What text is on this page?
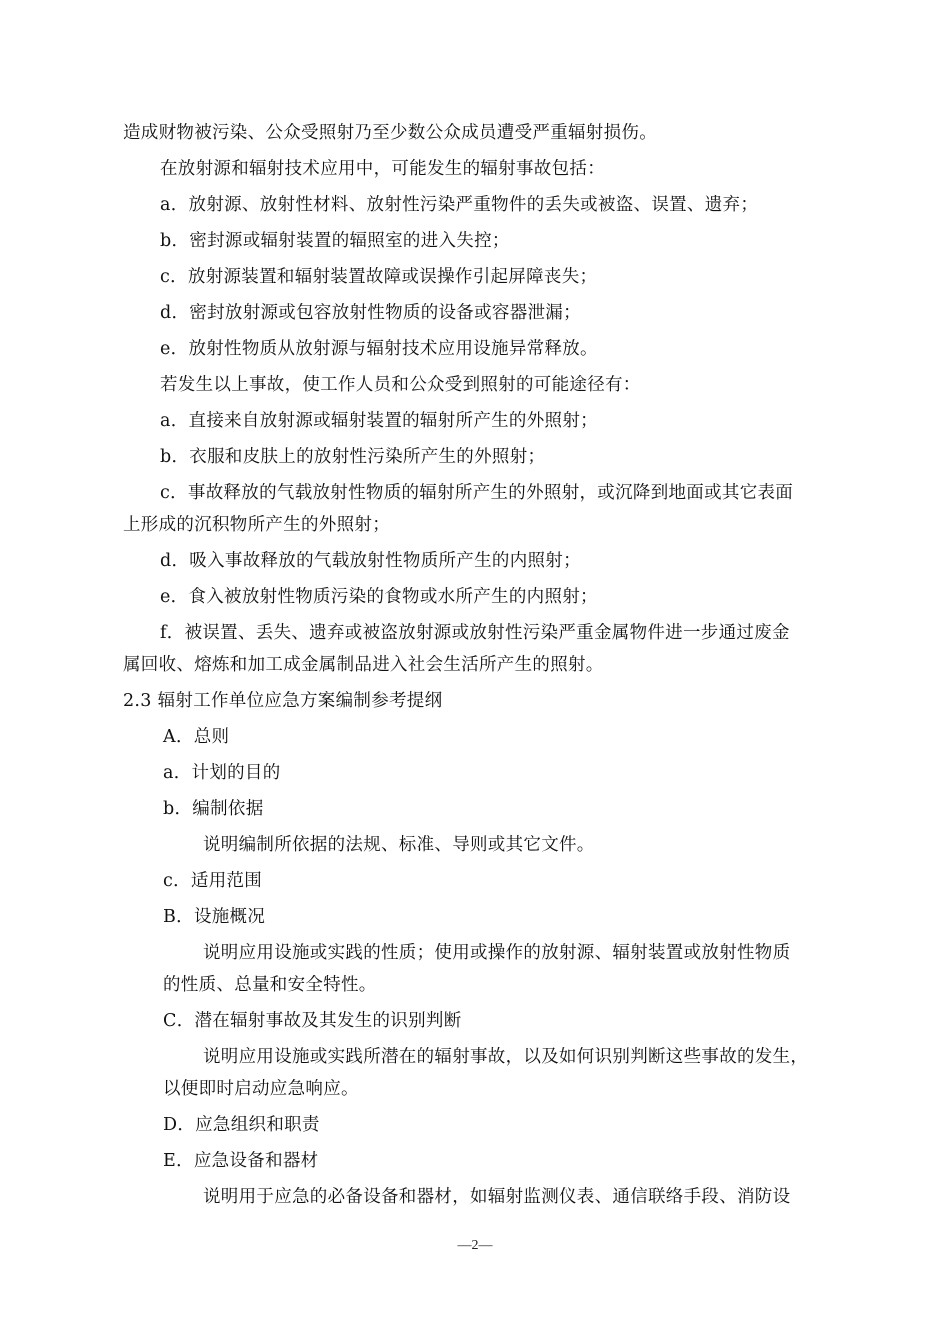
造成财物被污染、公众受照射乃至少数公众成员遭受严重辐射损伤。
在放射源和辐射技术应用中，可能发生的辐射事故包括：
a．放射源、放射性材料、放射性污染严重物件的丢失或被盗、误置、遗弃；
b．密封源或辐射装置的辐照室的进入失控；
c．放射源装置和辐射装置故障或误操作引起屏障丧失；
d．密封放射源或包容放射性物质的设备或容器泄漏；
e．放射性物质从放射源与辐射技术应用设施异常释放。
若发生以上事故，使工作人员和公众受到照射的可能途径有：
a．直接来自放射源或辐射装置的辐射所产生的外照射；
b．衣服和皮肤上的放射性污染所产生的外照射；
c．事故释放的气载放射性物质的辐射所产生的外照射，或沉降到地面或其它表面
上形成的沉积物所产生的外照射；
d．吸入事故释放的气载放射性物质所产生的内照射；
e．食入被放射性物质污染的食物或水所产生的内照射；
f．被误置、丢失、遗弃或被盗放射源或放射性污染严重金属物件进一步通过废金
属回收、熔炼和加工成金属制品进入社会生活所产生的照射。
2.3 辐射工作单位应急方案编制参考提纲
A．总则
a．计划的目的
b．编制依据
说明编制所依据的法规、标准、导则或其它文件。
c．适用范围
B．设施概况
说明应用设施或实践的性质；使用或操作的放射源、辐射装置或放射性物质
的性质、总量和安全特性。
C．潜在辐射事故及其发生的识别判断
说明应用设施或实践所潜在的辐射事故，以及如何识别判断这些事故的发生，
以便即时启动应急响应。
D．应急组织和职责
E．应急设备和器材
说明用于应急的必备设备和器材，如辐射监测仪表、通信联络手段、消防设
—2—
